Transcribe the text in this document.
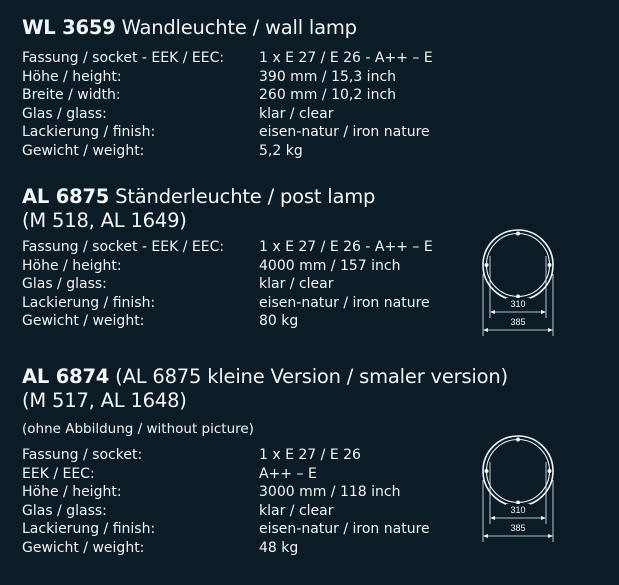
WL 3659 Wandleuchte / wall lamp
Fassung / socket - EEK / EEC:	1 x E 27 / E 26 - A++ – E
Höhe / height:	390 mm / 15,3 inch
Breite / width:	260 mm / 10,2 inch
Glas / glass:	klar / clear
Lackierung / finish:	eisen-natur / iron nature
Gewicht / weight:	5,2 kg
AL 6875 Ständerleuchte / post lamp
(M 518, AL 1649)
Fassung / socket - EEK / EEC:	1 x E 27 / E 26 - A++ – E
Höhe / height:	4000 mm / 157 inch
Glas / glass:	klar / clear
Lackierung / finish:	eisen-natur / iron nature
Gewicht / weight:	80 kg
310
385
AL 6874 (AL 6875 kleine Version / smaler version)
(M 517, AL 1648)
(ohne Abbildung / without picture)
Fassung / socket:	1 x E 27 / E 26
EEK / EEC:	A++ – E
Höhe / height:	3000 mm / 118 inch
Glas / glass:	klar / clear
Lackierung / finish:	eisen-natur / iron nature
Gewicht / weight:	48 kg
310
385
